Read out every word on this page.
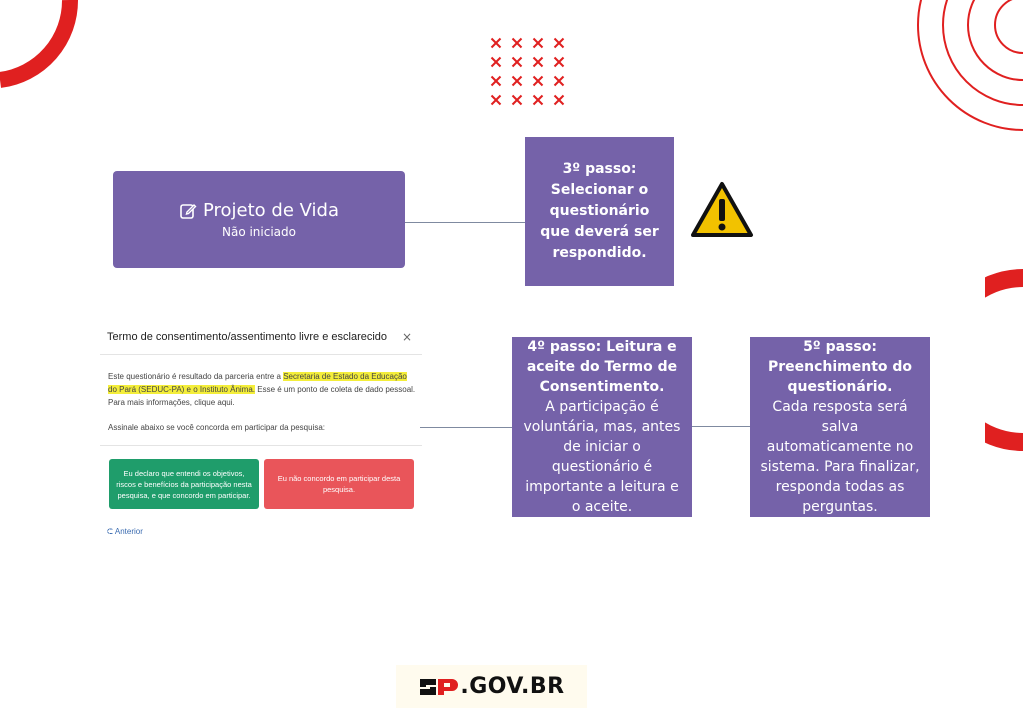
Projeto de Vida
Não iniciado
3º passo: Selecionar o questionário que deverá ser respondido.
Termo de consentimento/assentimento livre e esclarecido	×
Este questionário é resultado da parceria entre a Secretaria de Estado da Educação do Pará (SEDUC-PA) e o Instituto Ânima. Esse é um ponto de coleta de dado pessoal. Para mais informações, clique aqui.
Assinale abaixo se você concorda em participar da pesquisa:
Eu declaro que entendi os objetivos, riscos e benefícios da participação nesta pesquisa, e que concordo em participar.
Eu não concordo em participar desta pesquisa.
⮈ Anterior
4º passo: Leitura e aceite do Termo de Consentimento.
A participação é voluntária, mas, antes de iniciar o questionário é importante a leitura e o aceite.
5º passo: Preenchimento do questionário.
Cada resposta será salva automaticamente no sistema. Para finalizar, responda todas as perguntas.
.GOV.BR
